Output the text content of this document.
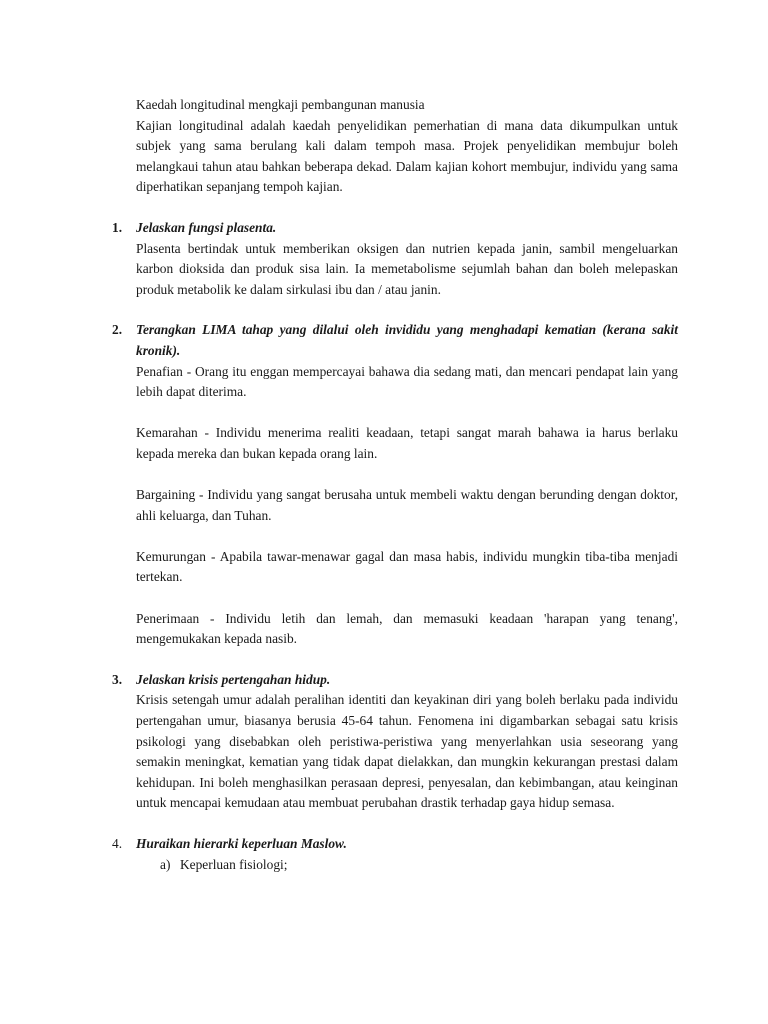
Kaedah longitudinal mengkaji pembangunan manusia

Kajian longitudinal adalah kaedah penyelidikan pemerhatian di mana data dikumpulkan untuk subjek yang sama berulang kali dalam tempoh masa. Projek penyelidikan membujur boleh melangkaui tahun atau bahkan beberapa dekad. Dalam kajian kohort membujur, individu yang sama diperhatikan sepanjang tempoh kajian.

1. Jelaskan fungsi plasenta.

Plasenta bertindak untuk memberikan oksigen dan nutrien kepada janin, sambil mengeluarkan karbon dioksida dan produk sisa lain. Ia memetabolisme sejumlah bahan dan boleh melepaskan produk metabolik ke dalam sirkulasi ibu dan / atau janin.

2. Terangkan LIMA tahap yang dilalui oleh invididu yang menghadapi kematian (kerana sakit kronik).

Penafian - Orang itu enggan mempercayai bahawa dia sedang mati, dan mencari pendapat lain yang lebih dapat diterima.

Kemarahan - Individu menerima realiti keadaan, tetapi sangat marah bahawa ia harus berlaku kepada mereka dan bukan kepada orang lain.

Bargaining - Individu yang sangat berusaha untuk membeli waktu dengan berunding dengan doktor, ahli keluarga, dan Tuhan.

Kemurungan - Apabila tawar-menawar gagal dan masa habis, individu mungkin tiba-tiba menjadi tertekan.

Penerimaan - Individu letih dan lemah, dan memasuki keadaan 'harapan yang tenang', mengemukakan kepada nasib.

3. Jelaskan krisis pertengahan hidup.

Krisis setengah umur adalah peralihan identiti dan keyakinan diri yang boleh berlaku pada individu pertengahan umur, biasanya berusia 45-64 tahun. Fenomena ini digambarkan sebagai satu krisis psikologi yang disebabkan oleh peristiwa-peristiwa yang menyerlahkan usia seseorang yang semakin meningkat, kematian yang tidak dapat dielakkan, dan mungkin kekurangan prestasi dalam kehidupan. Ini boleh menghasilkan perasaan depresi, penyesalan, dan kebimbangan, atau keinginan untuk mencapai kemudaan atau membuat perubahan drastik terhadap gaya hidup semasa.

4. Huraikan hierarki keperluan Maslow.

a) Keperluan fisiologi;
